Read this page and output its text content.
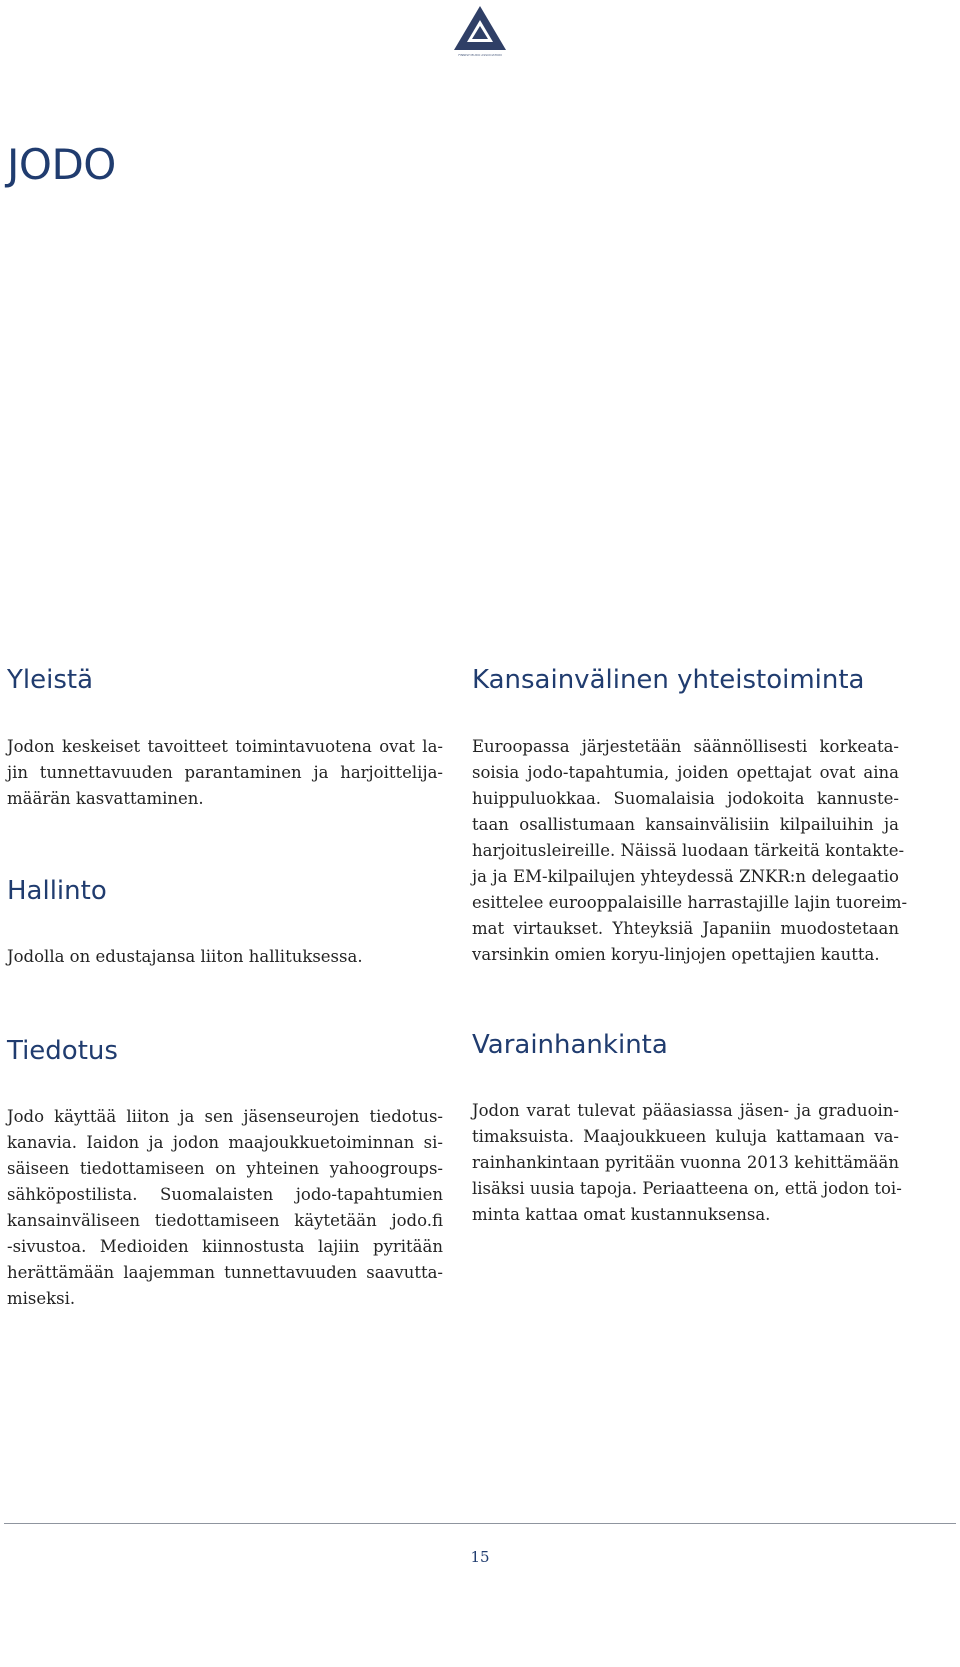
FINNISH BUDO ASSOCIATION
JODO
Yleistä
Jodon keskeiset tavoitteet toimintavuotena ovat la-
jin tunnettavuuden parantaminen ja harjoittelija-
määrän kasvattaminen.
Hallinto
Jodolla on edustajansa liiton hallituksessa.
Kansainvälinen yhteistoiminta
Euroopassa järjestetään säännöllisesti korkeata-
soisia jodo-tapahtumia, joiden opettajat ovat aina
huippuluokkaa. Suomalaisia jodokoita kannuste-
taan osallistumaan kansainvälisiin kilpailuihin ja
harjoitusleireille. Näissä luodaan tärkeitä kontakte-
ja ja EM-kilpailujen yhteydessä ZNKR:n delegaatio
esittelee eurooppalaisille harrastajille lajin tuoreim-
mat virtaukset. Yhteyksiä Japaniin muodostetaan
varsinkin omien koryu-linjojen opettajien kautta.
Tiedotus
Jodo käyttää liiton ja sen jäsenseurojen tiedotus-
kanavia. Iaidon ja jodon maajoukkuetoiminnan si-
säiseen tiedottamiseen on yhteinen yahoogroups-
sähköpostilista. Suomalaisten jodo-tapahtumien
kansainväliseen tiedottamiseen käytetään jodo.fi
-sivustoa. Medioiden kiinnostusta lajiin pyritään
herättämään laajemman tunnettavuuden saavutta-
miseksi.
Varainhankinta
Jodon varat tulevat pääasiassa jäsen- ja graduoin-
timaksuista. Maajoukkueen kuluja kattamaan va-
rainhankintaan pyritään vuonna 2013 kehittämään
lisäksi uusia tapoja. Periaatteena on, että jodon toi-
minta kattaa omat kustannuksensa.
15
